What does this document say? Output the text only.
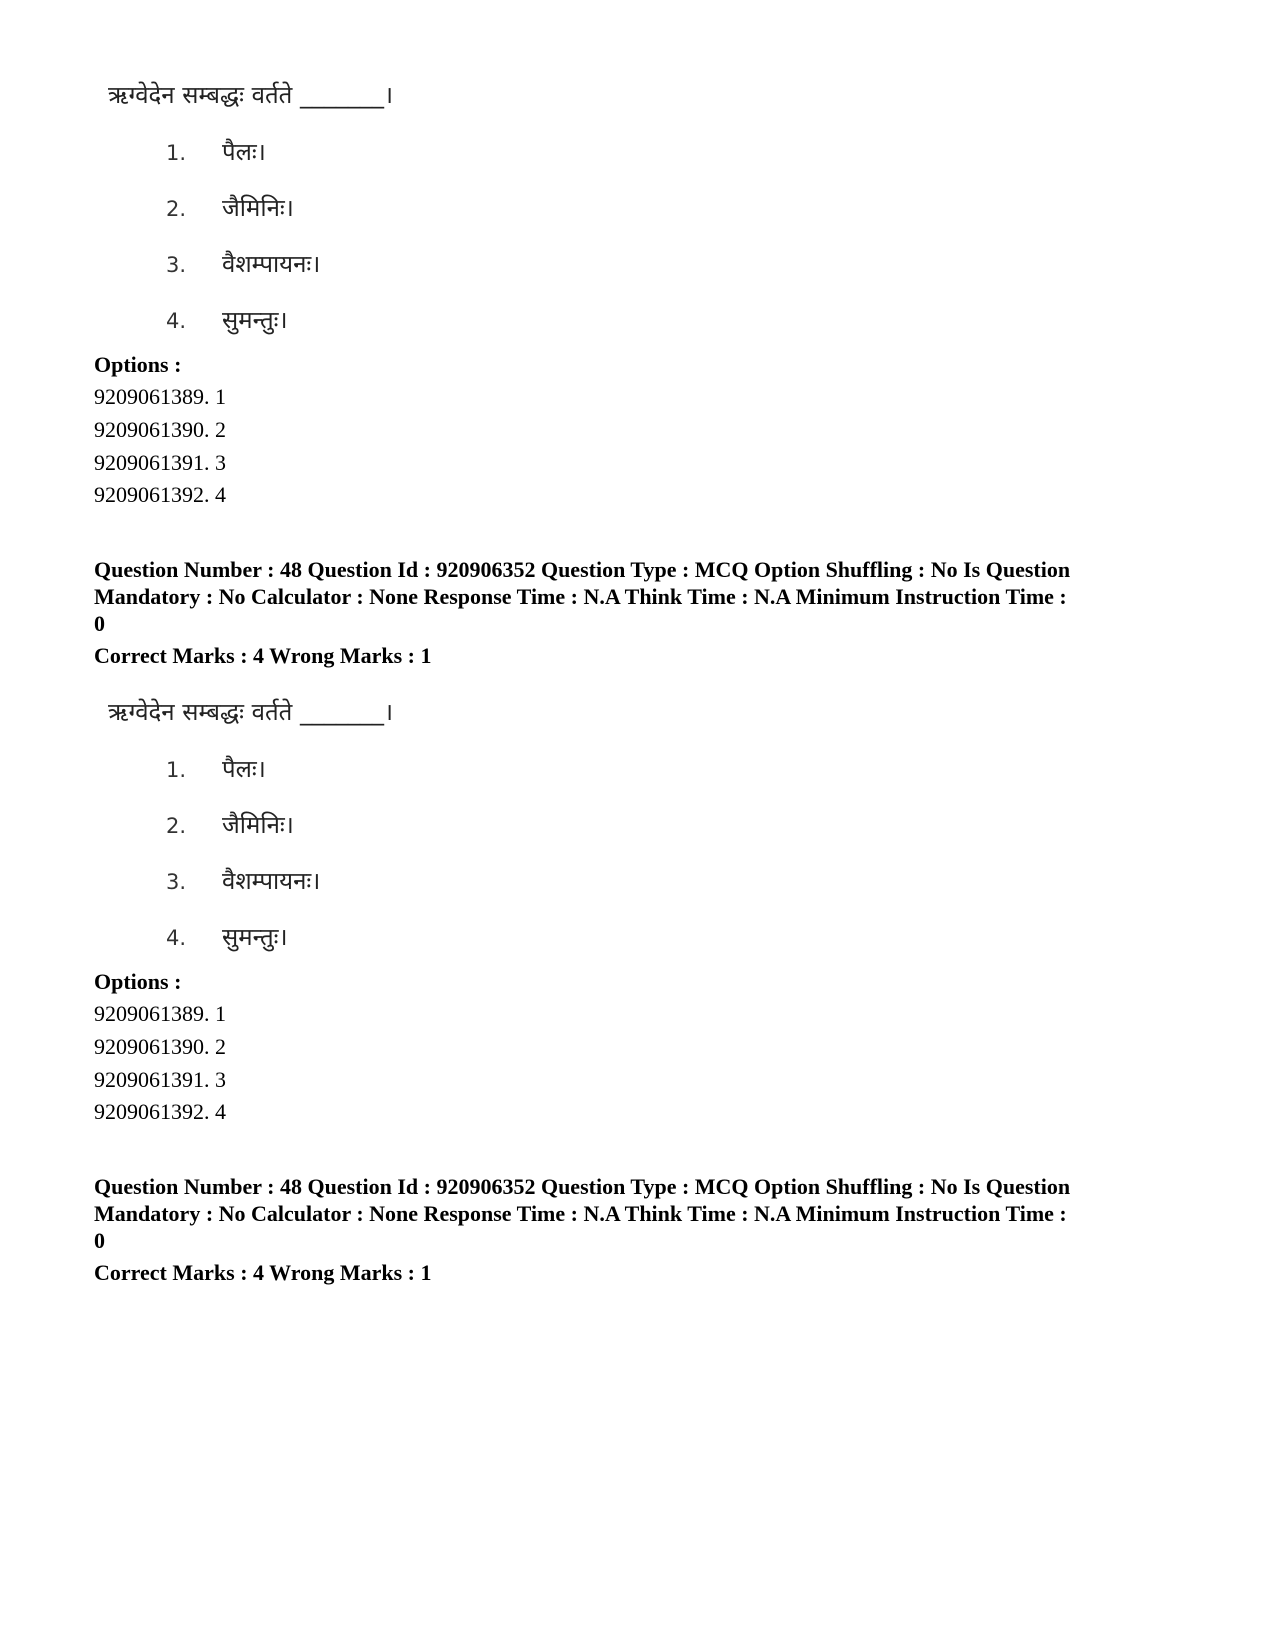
ऋग्वेदेन सम्बद्धः वर्तते _______।
1. पैलः।
2. जैमिनिः।
3. वैशम्पायनः।
4. सुमन्तुः।
Options :
9209061389. 1
9209061390. 2
9209061391. 3
9209061392. 4
Question Number : 48 Question Id : 920906352 Question Type : MCQ Option Shuffling : No Is Question Mandatory : No Calculator : None Response Time : N.A Think Time : N.A Minimum Instruction Time : 0
Correct Marks : 4 Wrong Marks : 1
ऋग्वेदेन सम्बद्धः वर्तते _______।
1. पैलः।
2. जैमिनिः।
3. वैशम्पायनः।
4. सुमन्तुः।
Options :
9209061389. 1
9209061390. 2
9209061391. 3
9209061392. 4
Question Number : 48 Question Id : 920906352 Question Type : MCQ Option Shuffling : No Is Question Mandatory : No Calculator : None Response Time : N.A Think Time : N.A Minimum Instruction Time : 0
Correct Marks : 4 Wrong Marks : 1
